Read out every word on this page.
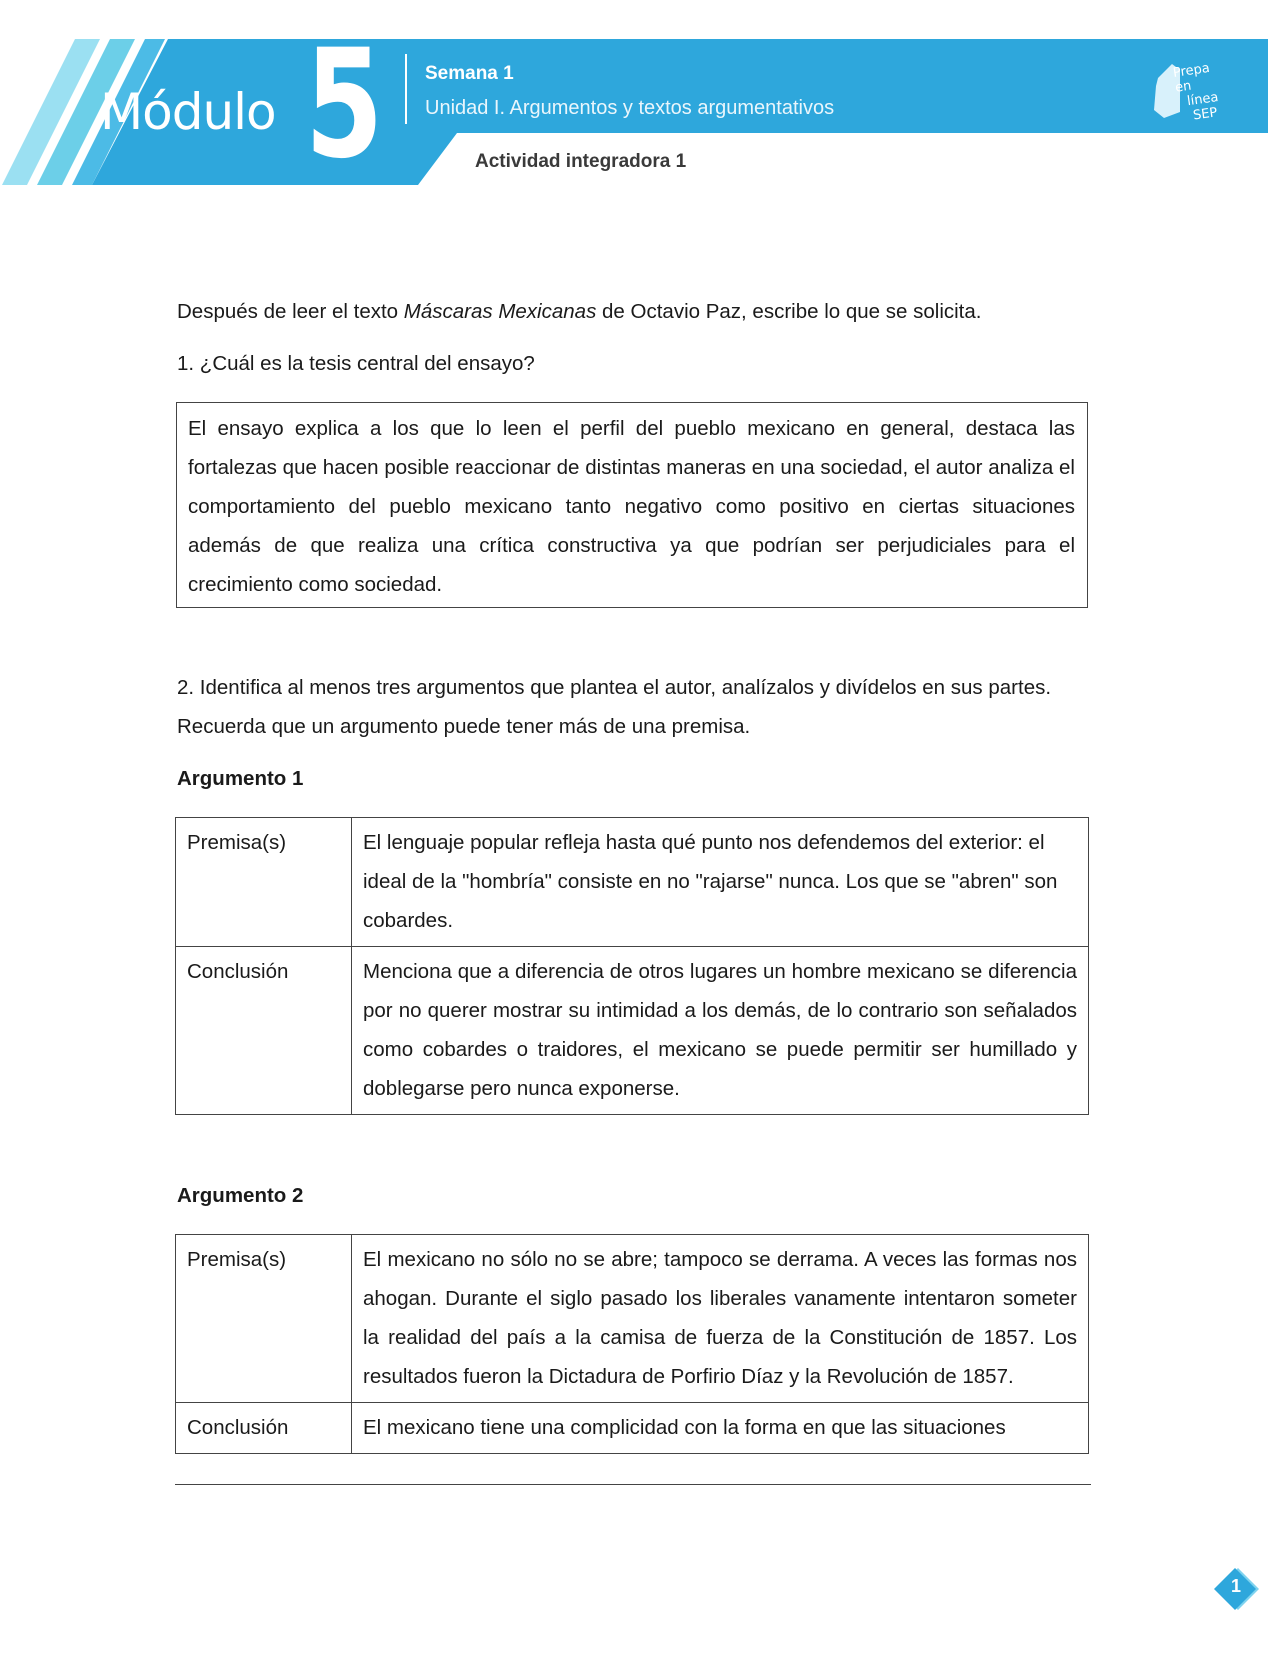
Módulo 5 Semana 1
Unidad I. Argumentos y textos argumentativos
Actividad integradora 1
Prepa en
línea
SEP

Después de leer el texto Máscaras Mexicanas de Octavio Paz, escribe lo que se solicita.

1. ¿Cuál es la tesis central del ensayo?

El ensayo explica a los que lo leen el perfil del pueblo mexicano en general, destaca las fortalezas que hacen posible reaccionar de distintas maneras en una sociedad, el autor analiza el comportamiento del pueblo mexicano tanto negativo como positivo en ciertas situaciones además de que realiza una crítica constructiva ya que podrían ser perjudiciales para el crecimiento como sociedad.

2. Identifica al menos tres argumentos que plantea el autor, analízalos y divídelos en sus partes. Recuerda que un argumento puede tener más de una premisa.

Argumento 1
Premisa(s)	El lenguaje popular refleja hasta qué punto nos defendemos del exterior: el ideal de la "hombría" consiste en no "rajarse" nunca. Los que se "abren" son cobardes.
Conclusión	Menciona que a diferencia de otros lugares un hombre mexicano se diferencia por no querer mostrar su intimidad a los demás, de lo contrario son señalados como cobardes o traidores, el mexicano se puede permitir ser humillado y doblegarse pero nunca exponerse.
Argumento 2
Premisa(s)	El mexicano no sólo no se abre; tampoco se derrama. A veces las formas nos ahogan. Durante el siglo pasado los liberales vanamente intentaron someter la realidad del país a la camisa de fuerza de la Constitución de 1857. Los resultados fueron la Dictadura de Porfirio Díaz y la Revolución de 1857.
Conclusión	El mexicano tiene una complicidad con la forma en que las situaciones
1
